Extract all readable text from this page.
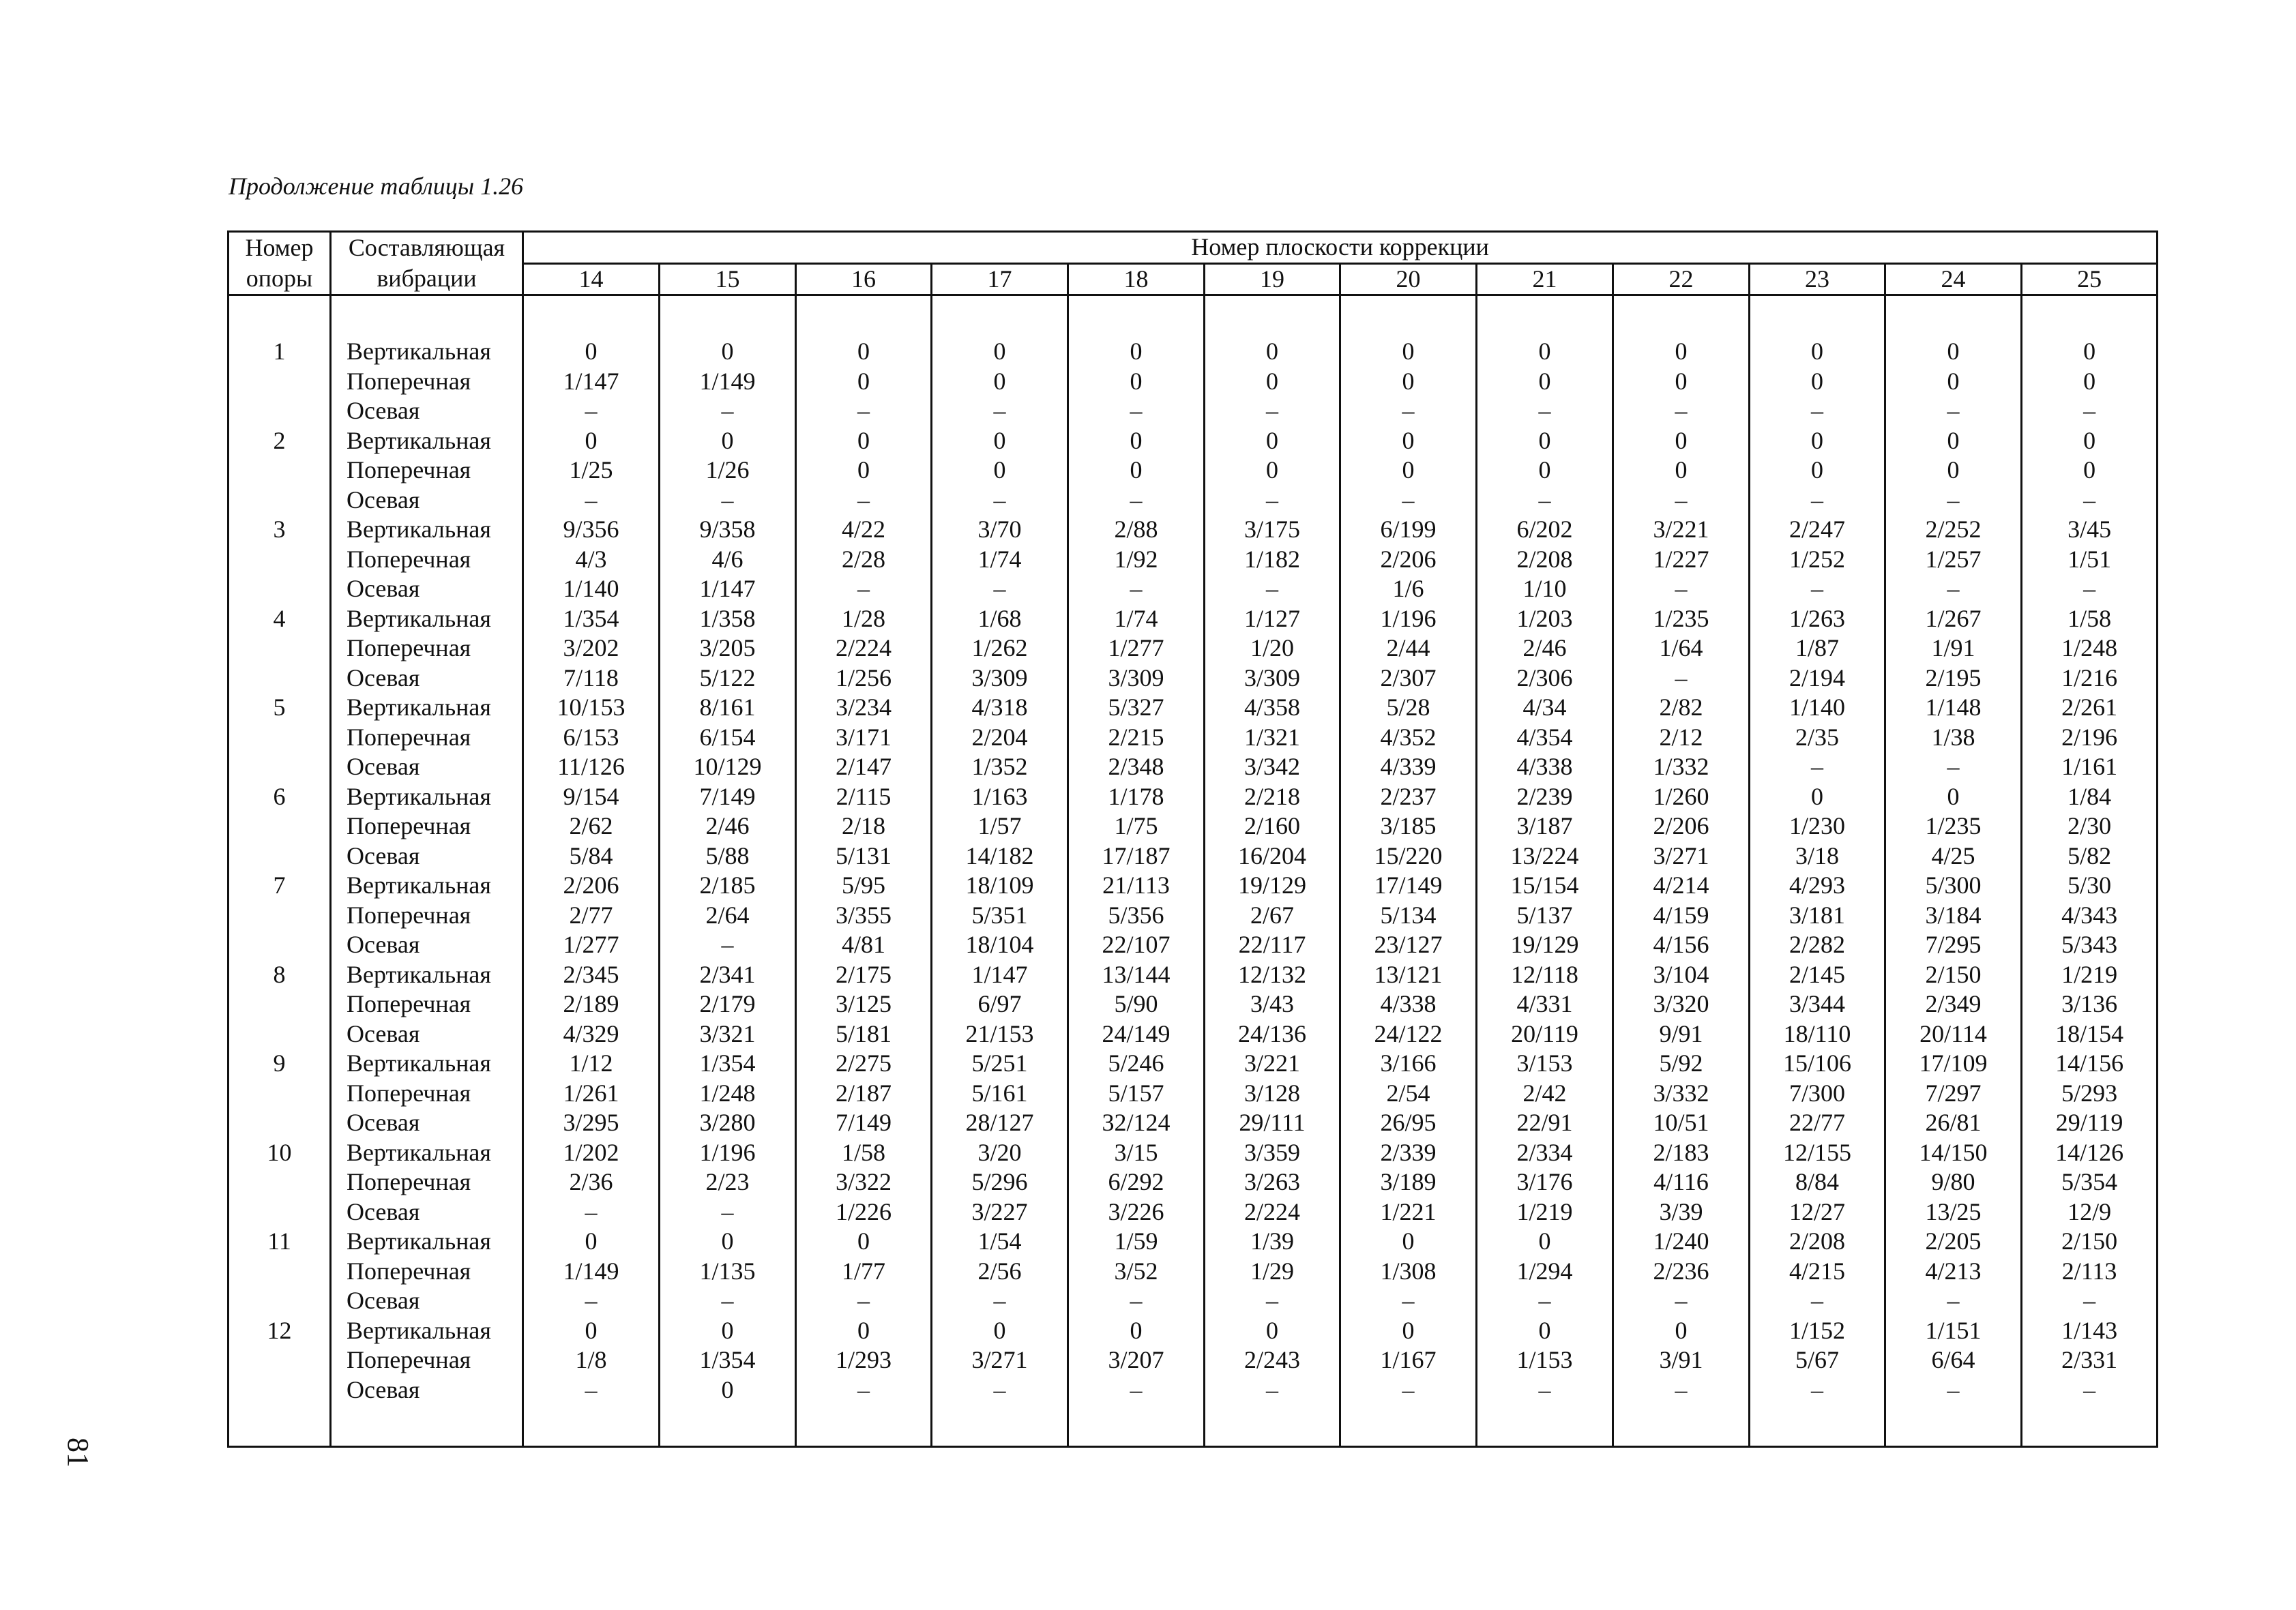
Продолжение таблицы 1.26
Номер	Составляющая	Номер плоскости коррекции											
опоры	вибрации	14	15	16	17	18	19	20	21	22	23	24	25

1	Вертикальная	0	0	0	0	0	0	0	0	0	0	0	0
	Поперечная	1/147	1/149	0	0	0	0	0	0	0	0	0	0
	Осевая	–	–	–	–	–	–	–	–	–	–	–	–
2	Вертикальная	0	0	0	0	0	0	0	0	0	0	0	0
	Поперечная	1/25	1/26	0	0	0	0	0	0	0	0	0	0
	Осевая	–	–	–	–	–	–	–	–	–	–	–	–
3	Вертикальная	9/356	9/358	4/22	3/70	2/88	3/175	6/199	6/202	3/221	2/247	2/252	3/45
	Поперечная	4/3	4/6	2/28	1/74	1/92	1/182	2/206	2/208	1/227	1/252	1/257	1/51
	Осевая	1/140	1/147	–	–	–	–	1/6	1/10	–	–	–	–
4	Вертикальная	1/354	1/358	1/28	1/68	1/74	1/127	1/196	1/203	1/235	1/263	1/267	1/58
	Поперечная	3/202	3/205	2/224	1/262	1/277	1/20	2/44	2/46	1/64	1/87	1/91	1/248
	Осевая	7/118	5/122	1/256	3/309	3/309	3/309	2/307	2/306	–	2/194	2/195	1/216
5	Вертикальная	10/153	8/161	3/234	4/318	5/327	4/358	5/28	4/34	2/82	1/140	1/148	2/261
	Поперечная	6/153	6/154	3/171	2/204	2/215	1/321	4/352	4/354	2/12	2/35	1/38	2/196
	Осевая	11/126	10/129	2/147	1/352	2/348	3/342	4/339	4/338	1/332	–	–	1/161
6	Вертикальная	9/154	7/149	2/115	1/163	1/178	2/218	2/237	2/239	1/260	0	0	1/84
	Поперечная	2/62	2/46	2/18	1/57	1/75	2/160	3/185	3/187	2/206	1/230	1/235	2/30
	Осевая	5/84	5/88	5/131	14/182	17/187	16/204	15/220	13/224	3/271	3/18	4/25	5/82
7	Вертикальная	2/206	2/185	5/95	18/109	21/113	19/129	17/149	15/154	4/214	4/293	5/300	5/30
	Поперечная	2/77	2/64	3/355	5/351	5/356	2/67	5/134	5/137	4/159	3/181	3/184	4/343
	Осевая	1/277	–	4/81	18/104	22/107	22/117	23/127	19/129	4/156	2/282	7/295	5/343
8	Вертикальная	2/345	2/341	2/175	1/147	13/144	12/132	13/121	12/118	3/104	2/145	2/150	1/219
	Поперечная	2/189	2/179	3/125	6/97	5/90	3/43	4/338	4/331	3/320	3/344	2/349	3/136
	Осевая	4/329	3/321	5/181	21/153	24/149	24/136	24/122	20/119	9/91	18/110	20/114	18/154
9	Вертикальная	1/12	1/354	2/275	5/251	5/246	3/221	3/166	3/153	5/92	15/106	17/109	14/156
	Поперечная	1/261	1/248	2/187	5/161	5/157	3/128	2/54	2/42	3/332	7/300	7/297	5/293
	Осевая	3/295	3/280	7/149	28/127	32/124	29/111	26/95	22/91	10/51	22/77	26/81	29/119
10	Вертикальная	1/202	1/196	1/58	3/20	3/15	3/359	2/339	2/334	2/183	12/155	14/150	14/126
	Поперечная	2/36	2/23	3/322	5/296	6/292	3/263	3/189	3/176	4/116	8/84	9/80	5/354
	Осевая	–	–	1/226	3/227	3/226	2/224	1/221	1/219	3/39	12/27	13/25	12/9
11	Вертикальная	0	0	0	1/54	1/59	1/39	0	0	1/240	2/208	2/205	2/150
	Поперечная	1/149	1/135	1/77	2/56	3/52	1/29	1/308	1/294	2/236	4/215	4/213	2/113
	Осевая	–	–	–	–	–	–	–	–	–	–	–	–
12	Вертикальная	0	0	0	0	0	0	0	0	0	1/152	1/151	1/143
	Поперечная	1/8	1/354	1/293	3/271	3/207	2/243	1/167	1/153	3/91	5/67	6/64	2/331
	Осевая	–	0	–	–	–	–	–	–	–	–	–	–

81
